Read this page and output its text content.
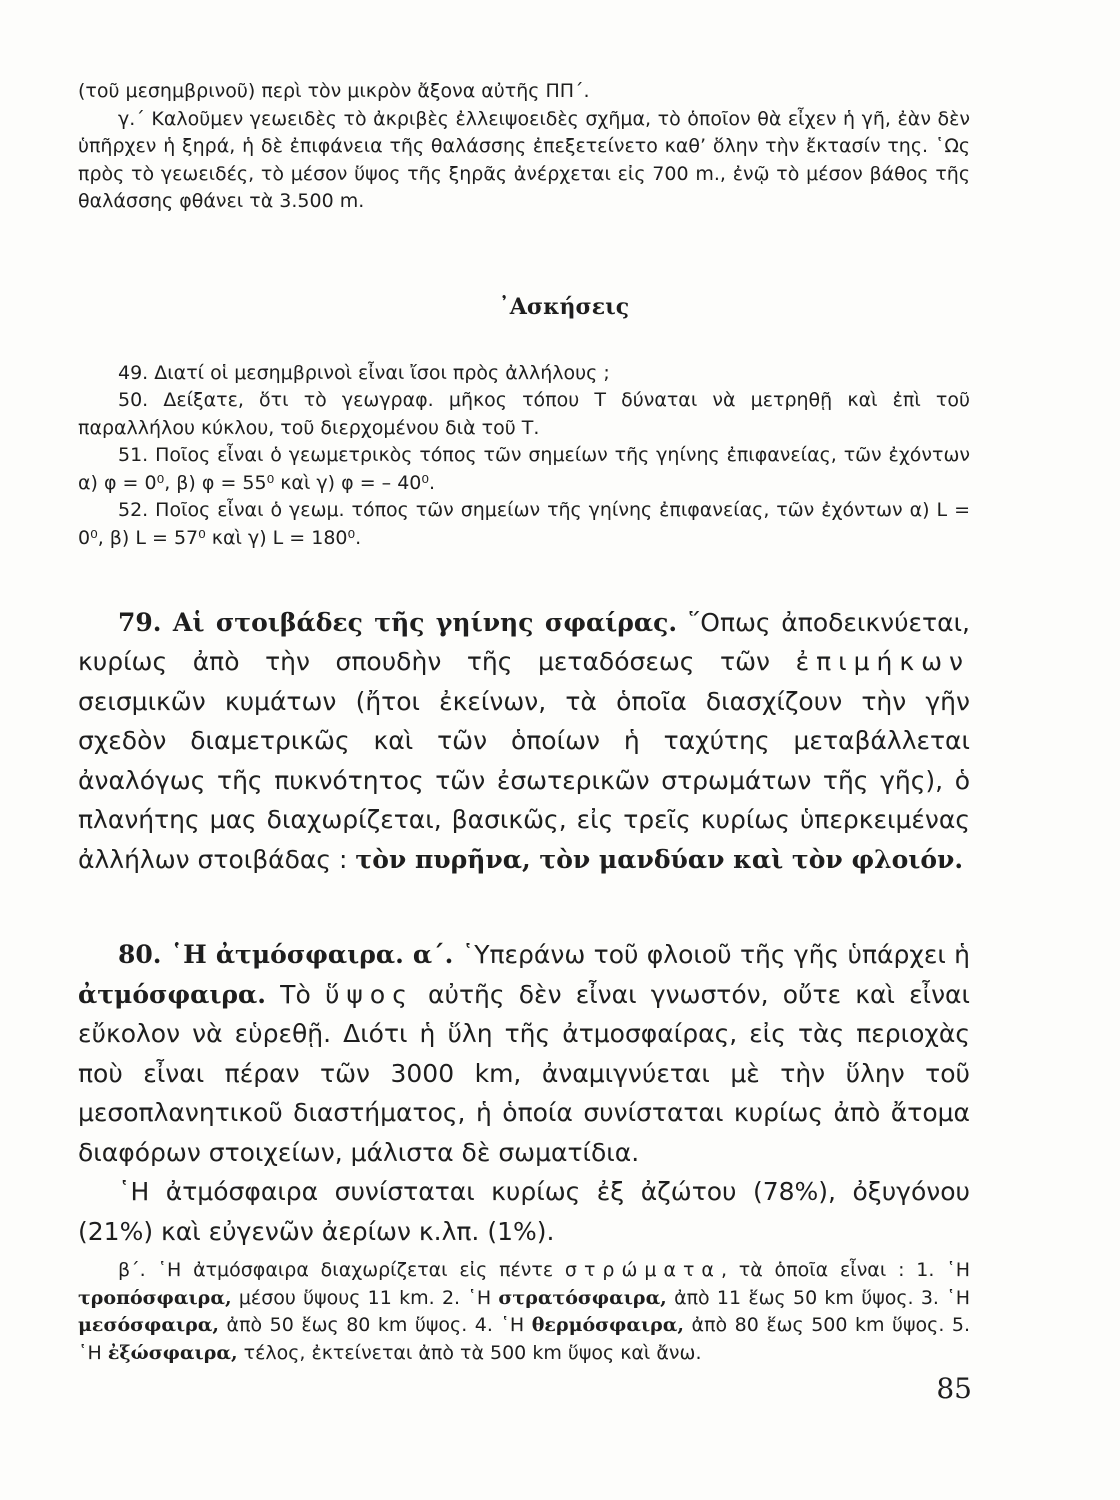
(τοῦ μεσημβρινοῦ) περὶ τὸν μικρὸν ἄξονα αὐτῆς ΠΠ΄.

γ.΄ Καλοῦμεν γεωειδὲς τὸ ἀκριβὲς ἐλλειψοειδὲς σχῆμα, τὸ ὁποῖον θὰ εἶχεν ἡ γῆ, ἐὰν δὲν ὑπῆρχεν ἡ ξηρά, ἡ δὲ ἐπιφάνεια τῆς θαλάσσης ἐπεξετείνετο καθ’ ὅλην τὴν ἔκτασίν της. ῾Ως πρὸς τὸ γεωειδές, τὸ μέσον ὕψος τῆς ξηρᾶς ἀνέρχεται εἰς 700 m., ἐνῷ τὸ μέσον βάθος τῆς θαλάσσης φθάνει τὰ 3.500 m.

᾿Ασκήσεις

49. Διατί οἱ μεσημβρινοὶ εἶναι ἴσοι πρὸς ἀλλήλους ;

50. Δείξατε, ὅτι τὸ γεωγραφ. μῆκος τόπου Τ δύναται νὰ μετρηθῇ καὶ ἐπὶ τοῦ παραλλήλου κύκλου, τοῦ διερχομένου διὰ τοῦ Τ.

51. Ποῖος εἶναι ὁ γεωμετρικὸς τόπος τῶν σημείων τῆς γηίνης ἐπιφανείας, τῶν ἐχόντων α) φ = 0⁰, β) φ = 55⁰ καὶ γ) φ = – 40⁰.

52. Ποῖος εἶναι ὁ γεωμ. τόπος τῶν σημείων τῆς γηίνης ἐπιφανείας, τῶν ἐχόντων α) L = 0⁰, β) L = 57⁰ καὶ γ) L = 180⁰.

79. Αἱ στοιβάδες τῆς γηίνης σφαίρας. ῞Οπως ἀποδεικνύεται, κυρίως ἀπὸ τὴν σπουδὴν τῆς μεταδόσεως τῶν ἐπιμήκων σεισμικῶν κυμάτων (ἤτοι ἐκείνων, τὰ ὁποῖα διασχίζουν τὴν γῆν σχεδὸν διαμετρικῶς καὶ τῶν ὁποίων ἡ ταχύτης μεταβάλλεται ἀναλόγως τῆς πυκνότητος τῶν ἐσωτερικῶν στρωμάτων τῆς γῆς), ὁ πλανήτης μας διαχωρίζεται, βασικῶς, εἰς τρεῖς κυρίως ὑπερκειμένας ἀλλήλων στοιβάδας : τὸν πυρῆνα, τὸν μανδύαν καὶ τὸν φλοιόν.

80. ῾Η ἀτμόσφαιρα. α΄. ῾Υπεράνω τοῦ φλοιοῦ τῆς γῆς ὑπάρχει ἡ ἀτμόσφαιρα. Τὸ ὕψος αὐτῆς δὲν εἶναι γνωστόν, οὔτε καὶ εἶναι εὔκολον νὰ εὑρεθῇ. Διότι ἡ ὕλη τῆς ἀτμοσφαίρας, εἰς τὰς περιοχὰς ποὺ εἶναι πέραν τῶν 3000 km, ἀναμιγνύεται μὲ τὴν ὕλην τοῦ μεσοπλανητικοῦ διαστήματος, ἡ ὁποία συνίσταται κυρίως ἀπὸ ἄτομα διαφόρων στοιχείων, μάλιστα δὲ σωματίδια.

῾Η ἀτμόσφαιρα συνίσταται κυρίως ἐξ ἀζώτου (78%), ὀξυγόνου (21%) καὶ εὐγενῶν ἀερίων κ.λπ. (1%).

β΄. ῾Η ἀτμόσφαιρα διαχωρίζεται εἰς πέντε στρώματα, τὰ ὁποῖα εἶναι : 1. ῾Η τροπόσφαιρα, μέσου ὕψους 11 km. 2. ῾Η στρατόσφαιρα, ἀπὸ 11 ἕως 50 km ὕψος. 3. ῾Η μεσόσφαιρα, ἀπὸ 50 ἕως 80 km ὕψος. 4. ῾Η θερμόσφαιρα, ἀπὸ 80 ἕως 500 km ὕψος. 5. ῾Η ἐξώσφαιρα, τέλος, ἐκτείνεται ἀπὸ τὰ 500 km ὕψος καὶ ἄνω.

85
